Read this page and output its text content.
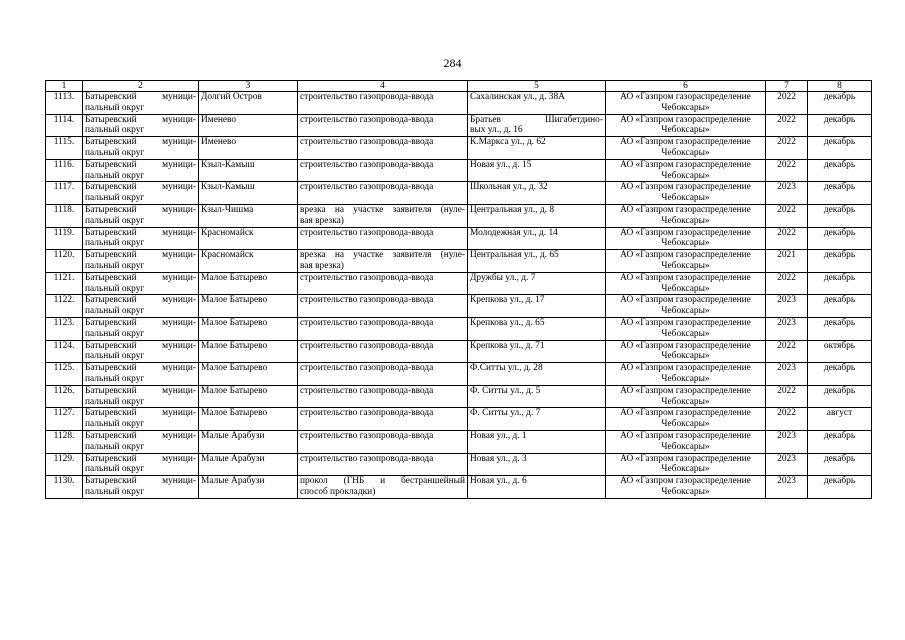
284
1	2	3	4	5	6	7	8

1113.	Батыревский муници-
пальный округ	Долгий Остров	строительство газопровода-ввода	Сахалинская ул., д. 38А	АО «Газпром газораспределение
Чебоксары»	2022	декабрь

1114.	Батыревский муници-
пальный округ	Именево	строительство газопровода-ввода	Братьев Шигабетдино-
вых ул., д. 16	АО «Газпром газораспределение
Чебоксары»	2022	декабрь

1115.	Батыревский муници-
пальный округ	Именево	строительство газопровода-ввода	К.Маркса ул., д. 62	АО «Газпром газораспределение
Чебоксары»	2022	декабрь

1116.	Батыревский муници-
пальный округ	Кзыл-Камыш	строительство газопровода-ввода	Новая ул., д. 15	АО «Газпром газораспределение
Чебоксары»	2022	декабрь

1117.	Батыревский муници-
пальный округ	Кзыл-Камыш	строительство газопровода-ввода	Школьная ул., д. 32	АО «Газпром газораспределение
Чебоксары»	2023	декабрь

1118.	Батыревский муници-
пальный округ	Кзыл-Чишма	врезка на участке заявителя (нуле-
вая врезка)	Центральная ул., д. 8	АО «Газпром газораспределение
Чебоксары»	2022	декабрь

1119.	Батыревский муници-
пальный округ	Красномайск	строительство газопровода-ввода	Молодежная ул., д. 14	АО «Газпром газораспределение
Чебоксары»	2022	декабрь

1120.	Батыревский муници-
пальный округ	Красномайск	врезка на участке заявителя (нуле-
вая врезка)	Центральная ул., д. 65	АО «Газпром газораспределение
Чебоксары»	2021	декабрь

1121.	Батыревский муници-
пальный округ	Малое Батырево	строительство газопровода-ввода	Дружбы ул., д. 7	АО «Газпром газораспределение
Чебоксары»	2022	декабрь

1122.	Батыревский муници-
пальный округ	Малое Батырево	строительство газопровода-ввода	Крепкова ул., д. 17	АО «Газпром газораспределение
Чебоксары»	2023	декабрь

1123.	Батыревский муници-
пальный округ	Малое Батырево	строительство газопровода-ввода	Крепкова ул., д. 65	АО «Газпром газораспределение
Чебоксары»	2023	декабрь

1124.	Батыревский муници-
пальный округ	Малое Батырево	строительство газопровода-ввода	Крепкова ул., д. 71	АО «Газпром газораспределение
Чебоксары»	2022	октябрь

1125.	Батыревский муници-
пальный округ	Малое Батырево	строительство газопровода-ввода	Ф.Ситты ул., д. 28	АО «Газпром газораспределение
Чебоксары»	2023	декабрь

1126.	Батыревский муници-
пальный округ	Малое Батырево	строительство газопровода-ввода	Ф. Ситты ул., д. 5	АО «Газпром газораспределение
Чебоксары»	2022	декабрь

1127.	Батыревский муници-
пальный округ	Малое Батырево	строительство газопровода-ввода	Ф. Ситты ул., д. 7	АО «Газпром газораспределение
Чебоксары»	2022	август

1128.	Батыревский муници-
пальный округ	Малые Арабузи	строительство газопровода-ввода	Новая ул., д. 1	АО «Газпром газораспределение
Чебоксары»	2023	декабрь

1129.	Батыревский муници-
пальный округ	Малые Арабузи	строительство газопровода-ввода	Новая ул., д. 3	АО «Газпром газораспределение
Чебоксары»	2023	декабрь

1130.	Батыревский муници-
пальный округ	Малые Арабузи	прокол (ГНБ и бестраншейный
способ прокладки)	Новая ул., д. 6	АО «Газпром газораспределение
Чебоксары»	2023	декабрь
